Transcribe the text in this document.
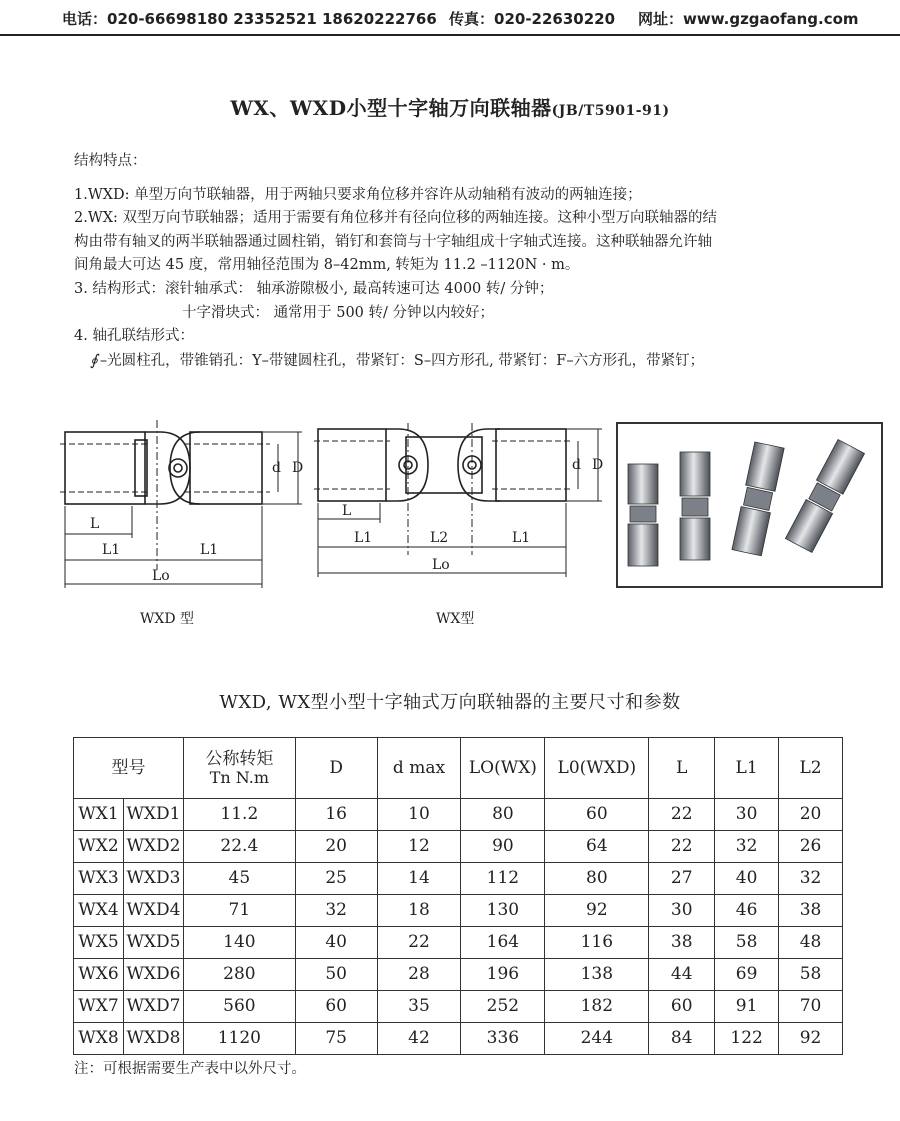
电话：020-66698180 23352521 18620222766 传真：020-22630220 网址：www.gzgaofang.com
WX、WXD小型十字轴万向联轴器(JB/T5901-91)

结构特点：

1.WXD: 单型万向节联轴器，用于两轴只要求角位移并容许从动轴稍有波动的两轴连接；

2.WX: 双型万向节联轴器；适用于需要有角位移并有径向位移的两轴连接。这种小型万向联轴器的结

构由带有轴叉的两半联轴器通过圆柱销，销钉和套筒与十字轴组成十字轴式连接。这种联轴器允许轴

间角最大可达 45 度，常用轴径范围为 8–42mm, 转矩为 11.2 –1120N · m。

3. 结构形式：滚针轴承式： 轴承游隙极小, 最高转速可达 4000 转/ 分钟；

十字滑块式： 通常用于 500 转/ 分钟以内较好；

4. 轴孔联结形式：

∮ –光圆柱孔，带锥销孔：Y–带键圆柱孔，带紧钉：S–四方形孔, 带紧钉：F–六方形孔，带紧钉；

L
L1	L1
Lo
d D
L
L1	L2	L1
Lo
d D
WXD 型	WX型
WXD, WX型小型十字轴式万向联轴器的主要尺寸和参数
型号		公称转矩
Tn N.m	D	d max	LO(WX)	L0(WXD)	L	L1	L2
WX1	WXD1	11.2	16	10	80	60	22	30	20
WX2	WXD2	22.4	20	12	90	64	22	32	26
WX3	WXD3	45	25	14	112	80	27	40	32
WX4	WXD4	71	32	18	130	92	30	46	38
WX5	WXD5	140	40	22	164	116	38	58	48
WX6	WXD6	280	50	28	196	138	44	69	58
WX7	WXD7	560	60	35	252	182	60	91	70
WX8	WXD8	1120	75	42	336	244	84	122	92
注：可根据需要生产表中以外尺寸。
